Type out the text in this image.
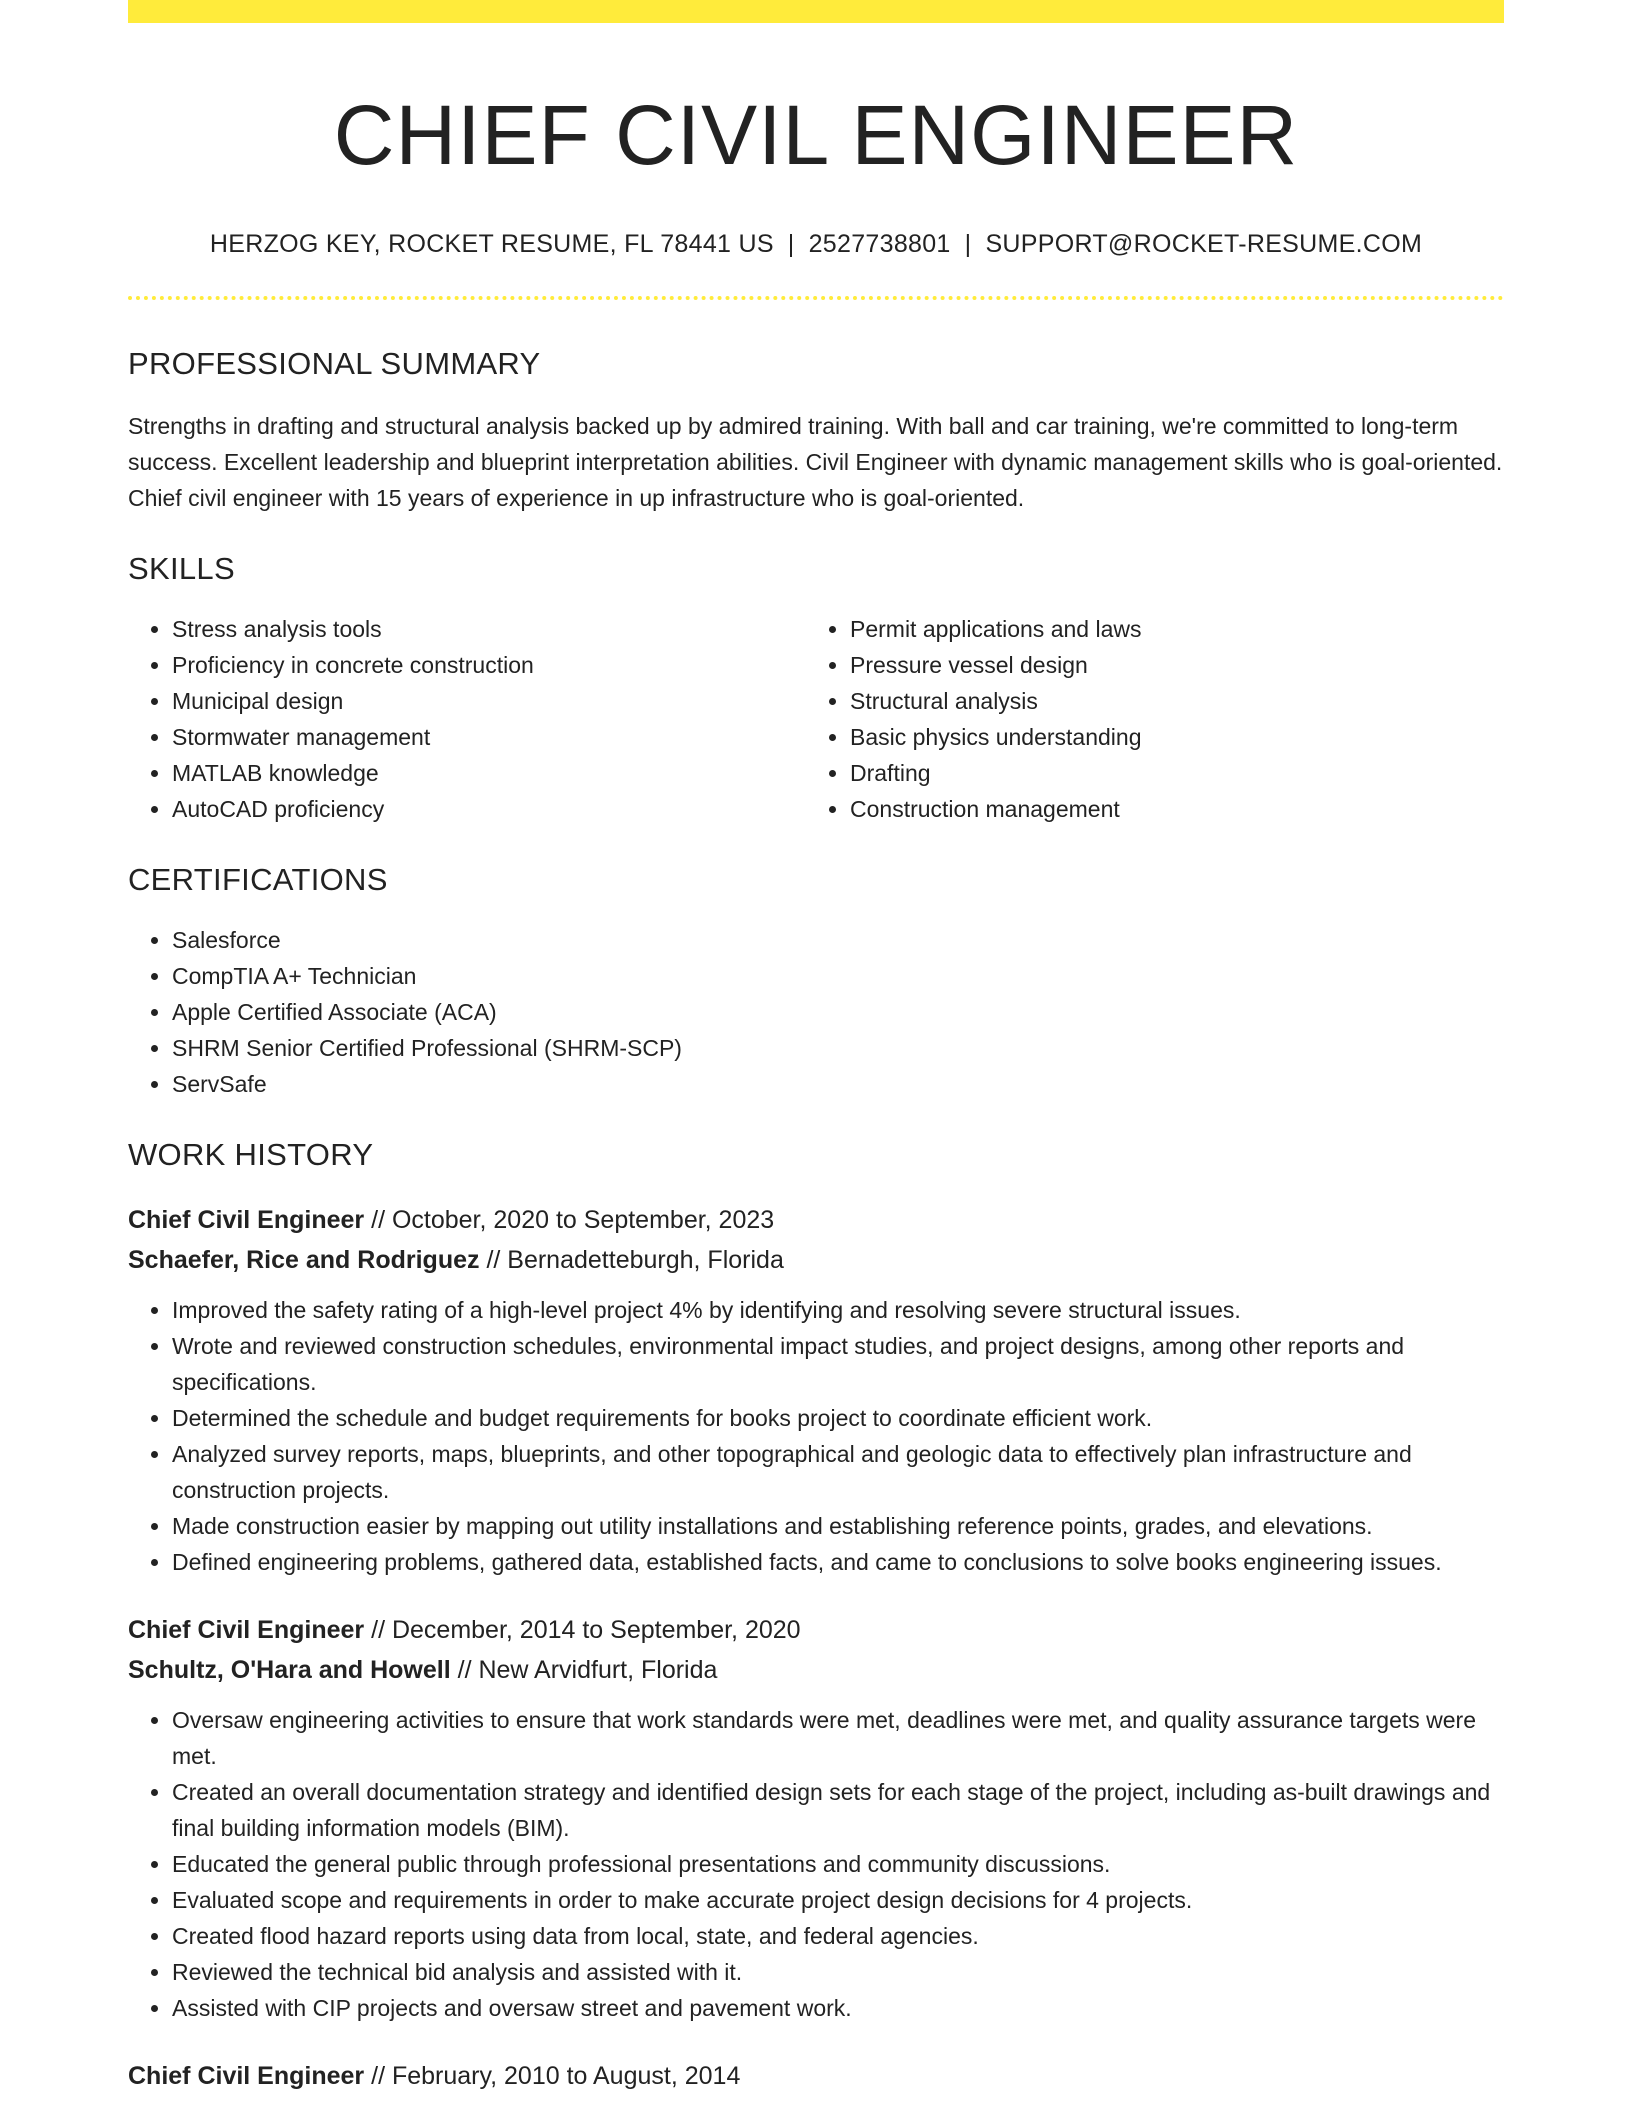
CHIEF CIVIL ENGINEER
HERZOG KEY, ROCKET RESUME, FL 78441 US | 2527738801 | SUPPORT@ROCKET-RESUME.COM
PROFESSIONAL SUMMARY
Strengths in drafting and structural analysis backed up by admired training. With ball and car training, we're committed to long-term success. Excellent leadership and blueprint interpretation abilities. Civil Engineer with dynamic management skills who is goal-oriented. Chief civil engineer with 15 years of experience in up infrastructure who is goal-oriented.
SKILLS
• Stress analysis tools
• Proficiency in concrete construction
• Municipal design
• Stormwater management
• MATLAB knowledge
• AutoCAD proficiency
• Permit applications and laws
• Pressure vessel design
• Structural analysis
• Basic physics understanding
• Drafting
• Construction management
CERTIFICATIONS
• Salesforce
• CompTIA A+ Technician
• Apple Certified Associate (ACA)
• SHRM Senior Certified Professional (SHRM-SCP)
• ServSafe
WORK HISTORY
Chief Civil Engineer // October, 2020 to September, 2023
Schaefer, Rice and Rodriguez // Bernadetteburgh, Florida
• Improved the safety rating of a high-level project 4% by identifying and resolving severe structural issues.
• Wrote and reviewed construction schedules, environmental impact studies, and project designs, among other reports and specifications.
• Determined the schedule and budget requirements for books project to coordinate efficient work.
• Analyzed survey reports, maps, blueprints, and other topographical and geologic data to effectively plan infrastructure and construction projects.
• Made construction easier by mapping out utility installations and establishing reference points, grades, and elevations.
• Defined engineering problems, gathered data, established facts, and came to conclusions to solve books engineering issues.
Chief Civil Engineer // December, 2014 to September, 2020
Schultz, O'Hara and Howell // New Arvidfurt, Florida
• Oversaw engineering activities to ensure that work standards were met, deadlines were met, and quality assurance targets were met.
• Created an overall documentation strategy and identified design sets for each stage of the project, including as-built drawings and final building information models (BIM).
• Educated the general public through professional presentations and community discussions.
• Evaluated scope and requirements in order to make accurate project design decisions for 4 projects.
• Created flood hazard reports using data from local, state, and federal agencies.
• Reviewed the technical bid analysis and assisted with it.
• Assisted with CIP projects and oversaw street and pavement work.
Chief Civil Engineer // February, 2010 to August, 2014
